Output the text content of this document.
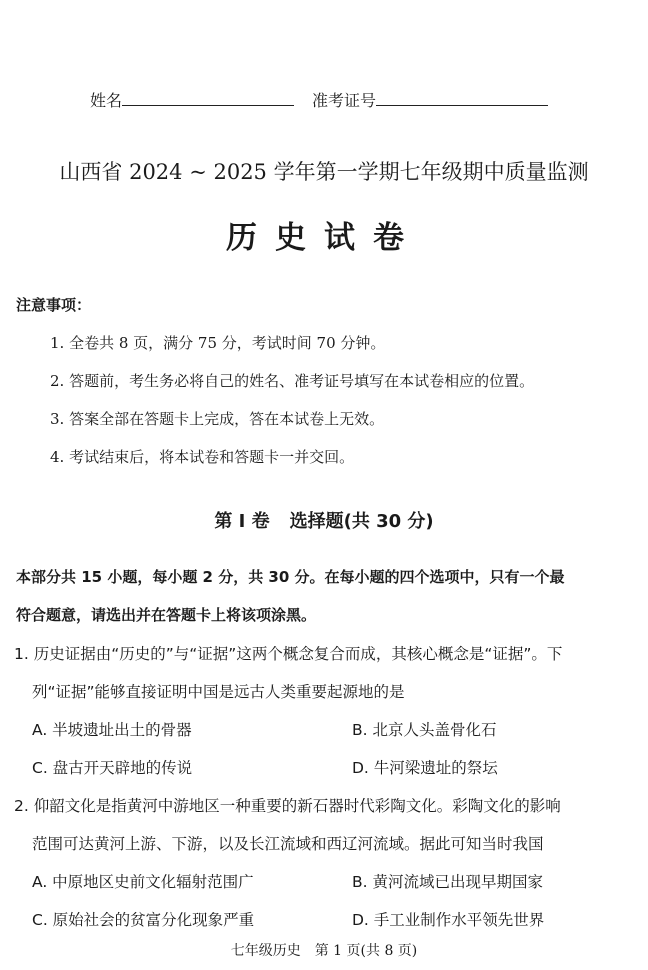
姓名	准考证号
山西省 2024 ~ 2025 学年第一学期七年级期中质量监测
历史试卷
注意事项：
1. 全卷共 8 页，满分 75 分，考试时间 70 分钟。
2. 答题前，考生务必将自己的姓名、准考证号填写在本试卷相应的位置。
3. 答案全部在答题卡上完成，答在本试卷上无效。
4. 考试结束后，将本试卷和答题卡一并交回。
第 Ⅰ 卷 选择题(共 30 分)
本部分共 15 小题，每小题 2 分，共 30 分。在每小题的四个选项中，只有一个最
符合题意，请选出并在答题卡上将该项涂黑。
1. 历史证据由“历史的”与“证据”这两个概念复合而成，其核心概念是“证据”。下
列“证据”能够直接证明中国是远古人类重要起源地的是
A. 半坡遗址出土的骨器	B. 北京人头盖骨化石
C. 盘古开天辟地的传说	D. 牛河梁遗址的祭坛
2. 仰韶文化是指黄河中游地区一种重要的新石器时代彩陶文化。彩陶文化的影响
范围可达黄河上游、下游，以及长江流域和西辽河流域。据此可知当时我国
A. 中原地区史前文化辐射范围广	B. 黄河流域已出现早期国家
C. 原始社会的贫富分化现象严重	D. 手工业制作水平领先世界
七年级历史　第 1 页(共 8 页)
